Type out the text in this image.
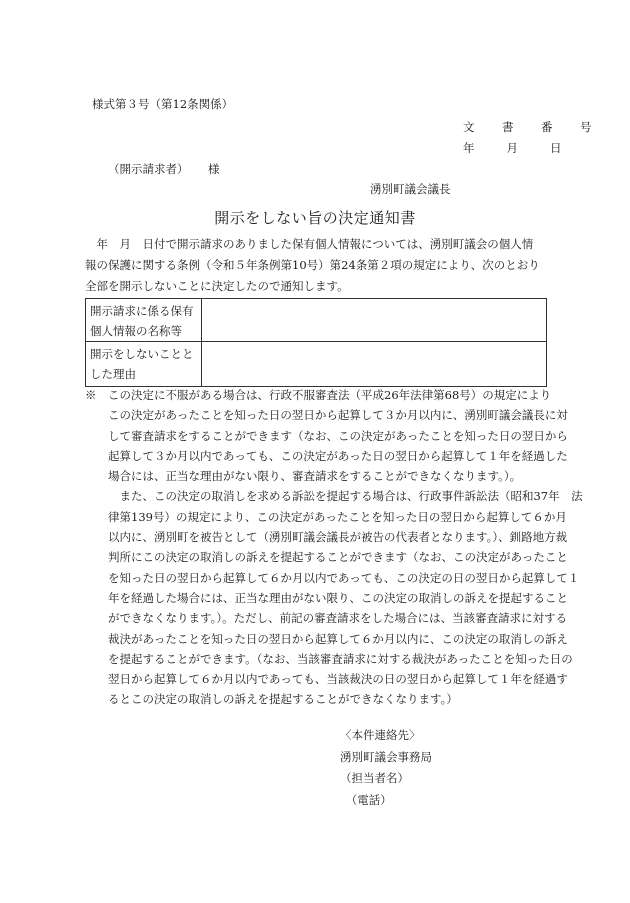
様式第３号（第12条関係）
文　書　番　号
年	月	日
（開示請求者） 様
湧別町議会議長
開示をしない旨の決定通知書
　年　月　日付で開示請求のありました保有個人情報については、湧別町議会の個人情
報の保護に関する条例（令和５年条例第10号）第24条第２項の規定により、次のとおり
全部を開示しないことに決定したので通知します。
開示請求に係る保有
個人情報の名称等	

開示をしないことと
した理由	

※　この決定に不服がある場合は、行政不服審査法（平成26年法律第68号）の規定により
　　この決定があったことを知った日の翌日から起算して３か月以内に、湧別町議会議長に対
　　して審査請求をすることができます（なお、この決定があったことを知った日の翌日から
　　起算して３か月以内であっても、この決定があった日の翌日から起算して１年を経過した
　　場合には、正当な理由がない限り、審査請求をすることができなくなります。）。
　　　また、この決定の取消しを求める訴訟を提起する場合は、行政事件訴訟法（昭和37年　法
　　律第139号）の規定により、この決定があったことを知った日の翌日から起算して６か月
　　以内に、湧別町を被告として（湧別町議会議長が被告の代表者となります。）、釧路地方裁
　　判所にこの決定の取消しの訴えを提起することができます（なお、この決定があったこと
　　を知った日の翌日から起算して６か月以内であっても、この決定の日の翌日から起算して１
　　年を経過した場合には、正当な理由がない限り、この決定の取消しの訴えを提起すること
　　ができなくなります。）。ただし、前記の審査請求をした場合には、当該審査請求に対する
　　裁決があったことを知った日の翌日から起算して６か月以内に、この決定の取消しの訴え
　　を提起することができます。（なお、当該審査請求に対する裁決があったことを知った日の
　　翌日から起算して６か月以内であっても、当該裁決の日の翌日から起算して１年を経過す
　　るとこの決定の取消しの訴えを提起することができなくなります。）
〈本件連絡先〉
湧別町議会事務局
（担当者名）
　（電話）
